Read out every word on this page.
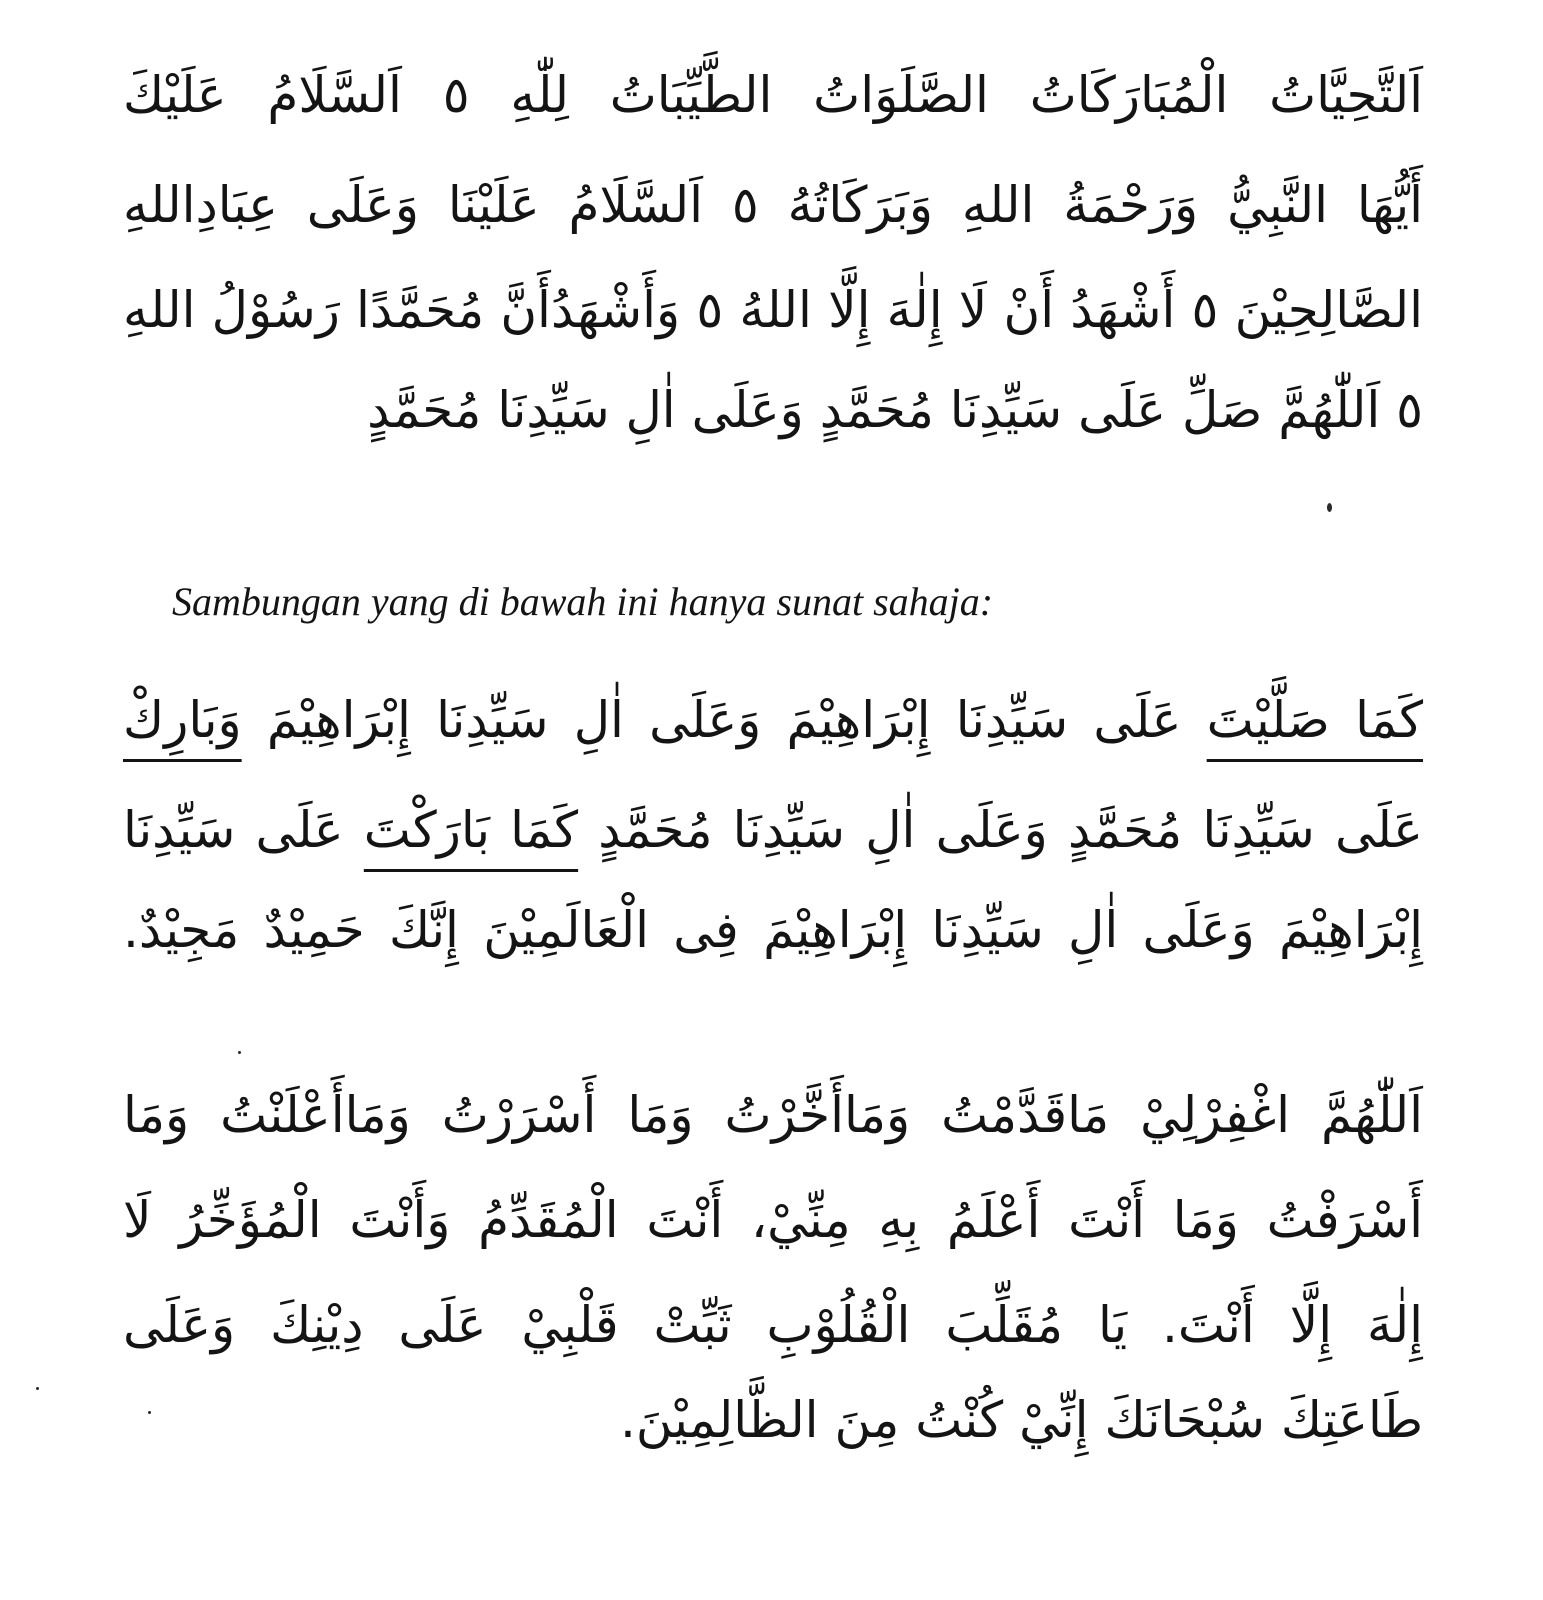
اَلتَّحِيَّاتُ الْمُبَارَكَاتُ الصَّلَوَاتُ الطَّيِّبَاتُ لِلّٰهِ ٥ اَلسَّلَامُ عَلَيْكَ

أَيُّهَا النَّبِيُّ وَرَحْمَةُ اللهِ وَبَرَكَاتُهُ ٥ اَلسَّلَامُ عَلَيْنَا وَعَلَى عِبَادِاللهِ

الصَّالِحِيْنَ ٥ أَشْهَدُ أَنْ لَا إِلٰهَ إِلَّا اللهُ ٥ وَأَشْهَدُأَنَّ مُحَمَّدًا رَسُوْلُ اللهِ

٥ اَللّٰهُمَّ صَلِّ عَلَى سَيِّدِنَا مُحَمَّدٍ وَعَلَى اٰلِ سَيِّدِنَا مُحَمَّدٍ

Sambungan yang di bawah ini hanya sunat sahaja:

كَمَا صَلَّيْتَ عَلَى سَيِّدِنَا إِبْرَاهِيْمَ وَعَلَى اٰلِ سَيِّدِنَا إِبْرَاهِيْمَ وَبَارِكْ

عَلَى سَيِّدِنَا مُحَمَّدٍ وَعَلَى اٰلِ سَيِّدِنَا مُحَمَّدٍ كَمَا بَارَكْتَ عَلَى سَيِّدِنَا

إِبْرَاهِيْمَ وَعَلَى اٰلِ سَيِّدِنَا إِبْرَاهِيْمَ فِى الْعَالَمِيْنَ إِنَّكَ حَمِيْدٌ مَجِيْدٌ.

اَللّٰهُمَّ اغْفِرْلِيْ مَاقَدَّمْتُ وَمَاأَخَّرْتُ وَمَا أَسْرَرْتُ وَمَاأَعْلَنْتُ وَمَا

أَسْرَفْتُ وَمَا أَنْتَ أَعْلَمُ بِهِ مِنِّيْ، أَنْتَ الْمُقَدِّمُ وَأَنْتَ الْمُؤَخِّرُ لَا

إِلٰهَ إِلَّا أَنْتَ. يَا مُقَلِّبَ الْقُلُوْبِ ثَبِّتْ قَلْبِيْ عَلَى دِيْنِكَ وَعَلَى

طَاعَتِكَ سُبْحَانَكَ إِنِّيْ كُنْتُ مِنَ الظَّالِمِيْنَ.
